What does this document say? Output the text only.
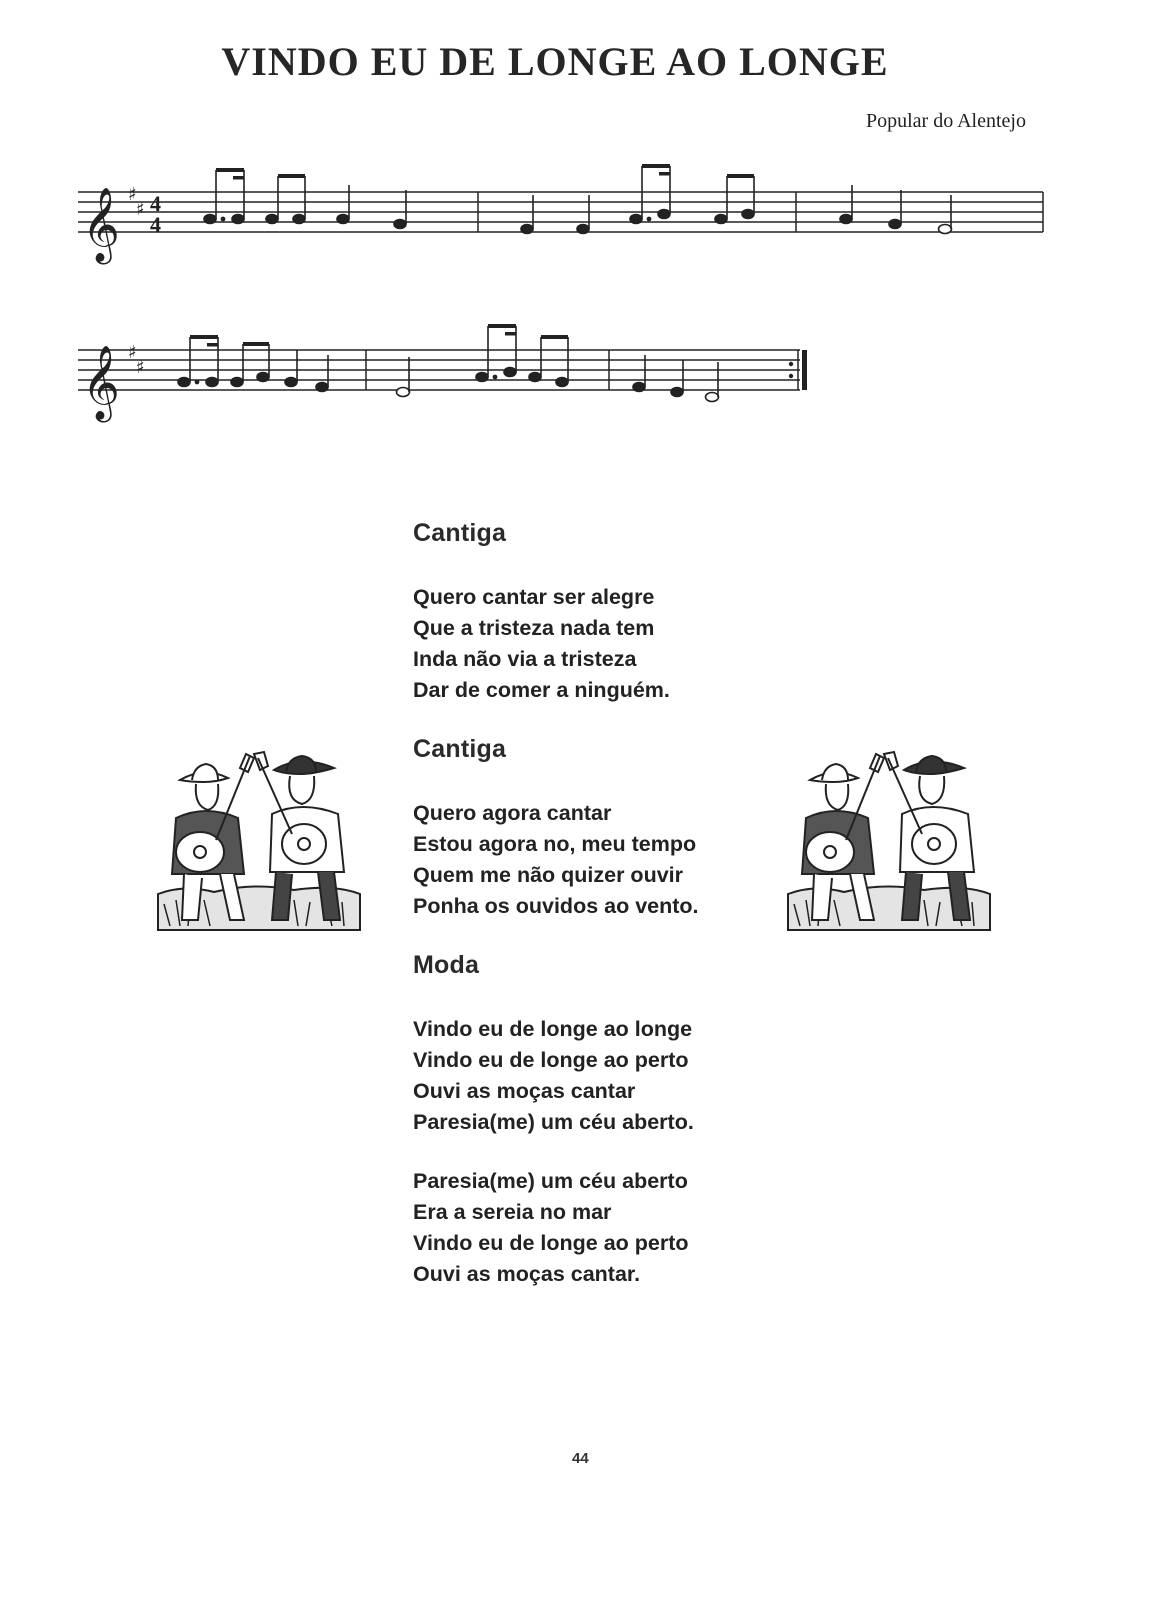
VINDO EU DE LONGE AO LONGE
Popular do Alentejo
𝄞 ♯
♯ 4
4
𝄞 ♯
♯
Cantiga
Quero cantar ser alegre
Que a tristeza nada tem
Inda não via a tristeza
Dar de comer a ninguém.
Cantiga
Quero agora cantar
Estou agora no, meu tempo
Quem me não quizer ouvir
Ponha os ouvidos ao vento.
Moda
Vindo eu de longe ao longe
Vindo eu de longe ao perto
Ouvi as moças cantar
Paresia(me) um céu aberto.
Paresia(me) um céu aberto
Era a sereia no mar
Vindo eu de longe ao perto
Ouvi as moças cantar.
44
